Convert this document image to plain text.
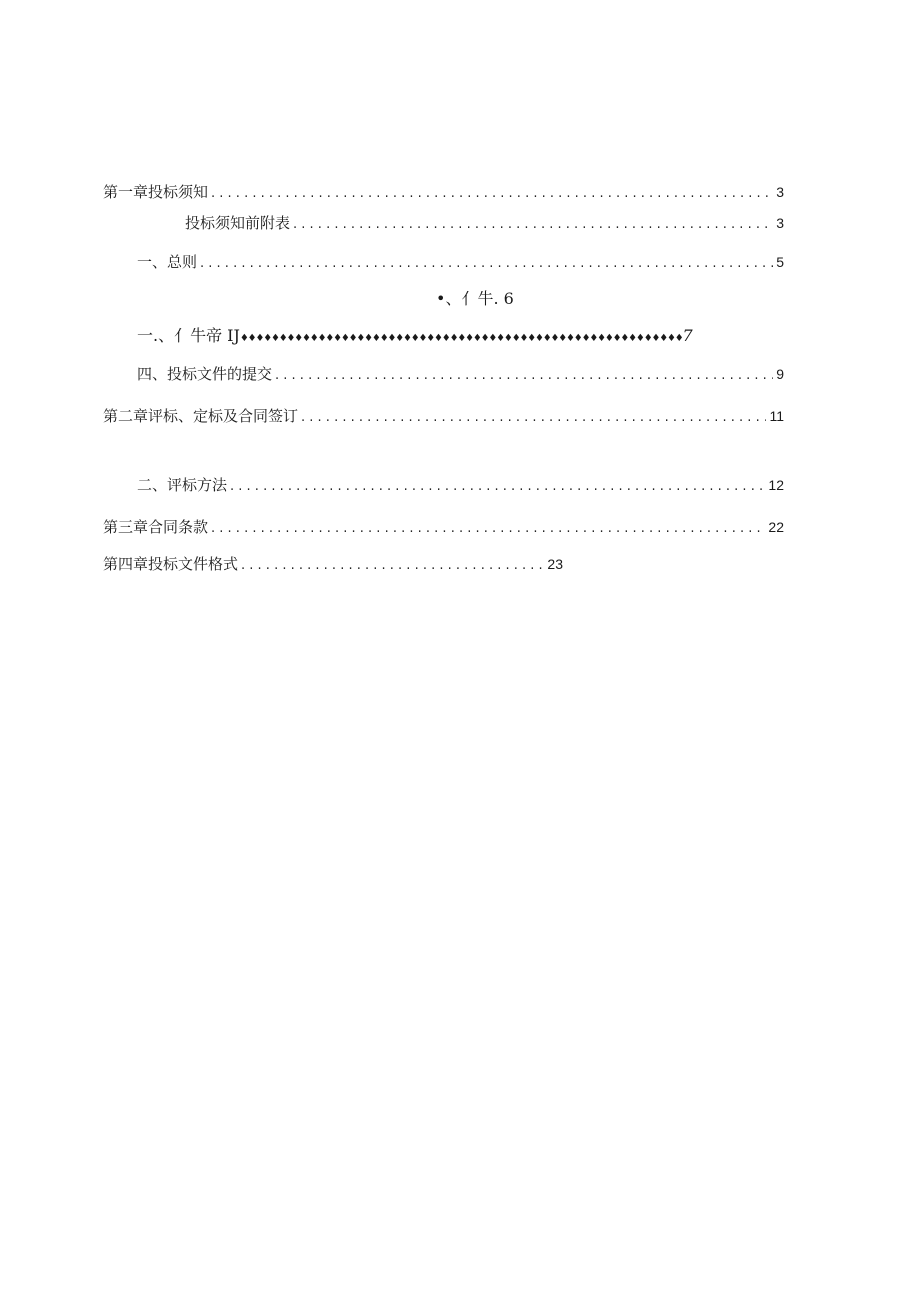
第一章投标须知 . . .	3
投标须知前附表 . . .	3
一、总则 . . .	5
•、亻牛. 6
一.、亻牛帝 IJ♦♦♦♦♦♦♦♦♦♦♦♦♦♦♦♦♦♦♦♦♦♦♦♦♦♦♦♦♦♦♦♦♦♦♦♦♦♦♦♦♦♦♦♦♦♦♦♦♦♦♦♦♦♦♦♦♦7
四、投标文件的提交 . . .	9
第二章评标、定标及合同签订 . . .	11
二、评标方法 . . .	12
第三章合同条款 . . .	22
第四章投标文件格式 . . .	23
